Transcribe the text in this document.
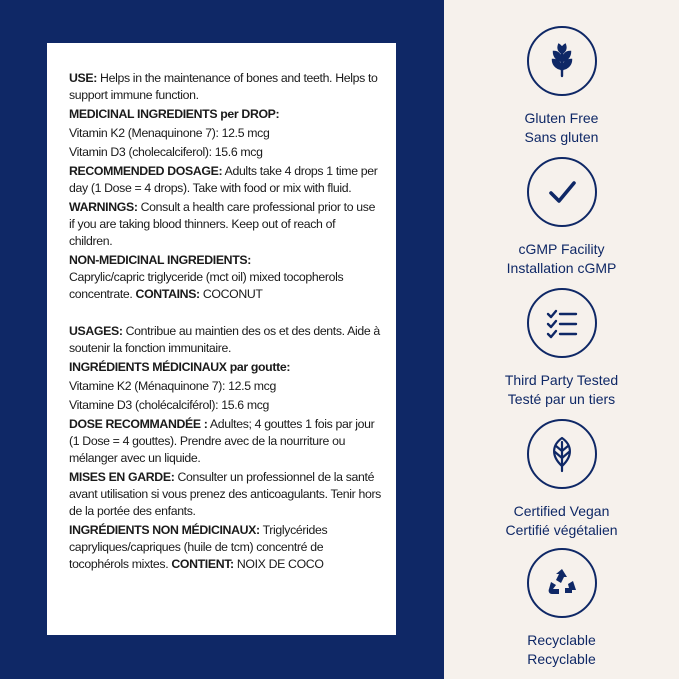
USE: Helps in the maintenance of bones and teeth. Helps to support immune function.

MEDICINAL INGREDIENTS per DROP:

Vitamin K2 (Menaquinone 7): 12.5 mcg

Vitamin D3 (cholecalciferol): 15.6 mcg

RECOMMENDED DOSAGE: Adults take 4 drops 1 time per day (1 Dose = 4 drops). Take with food or mix with fluid.

WARNINGS: Consult a health care professional prior to use if you are taking blood thinners. Keep out of reach of children.

NON-MEDICINAL INGREDIENTS:

Caprylic/capric triglyceride (mct oil) mixed tocopherols concentrate. CONTAINS: COCONUT

USAGES: Contribue au maintien des os et des dents. Aide à soutenir la fonction immunitaire.

INGRÉDIENTS MÉDICINAUX par goutte:

Vitamine K2 (Ménaquinone 7): 12.5 mcg

Vitamine D3 (cholécalciférol): 15.6 mcg

DOSE RECOMMANDÉE : Adultes; 4 gouttes 1 fois par jour (1 Dose = 4 gouttes). Prendre avec de la nourriture ou mélanger avec un liquide.

MISES EN GARDE: Consulter un professionnel de la santé avant utilisation si vous prenez des anticoagulants. Tenir hors de la portée des enfants.

INGRÉDIENTS NON MÉDICINAUX: Triglycérides capryliques/capriques (huile de tcm) concentré de tocophérols mixtes. CONTIENT: NOIX DE COCO

Gluten Free
Sans gluten
cGMP Facility
Installation cGMP
Third Party Tested
Testé par un tiers
Certified Vegan
Certifié végétalien
Recyclable
Recyclable
